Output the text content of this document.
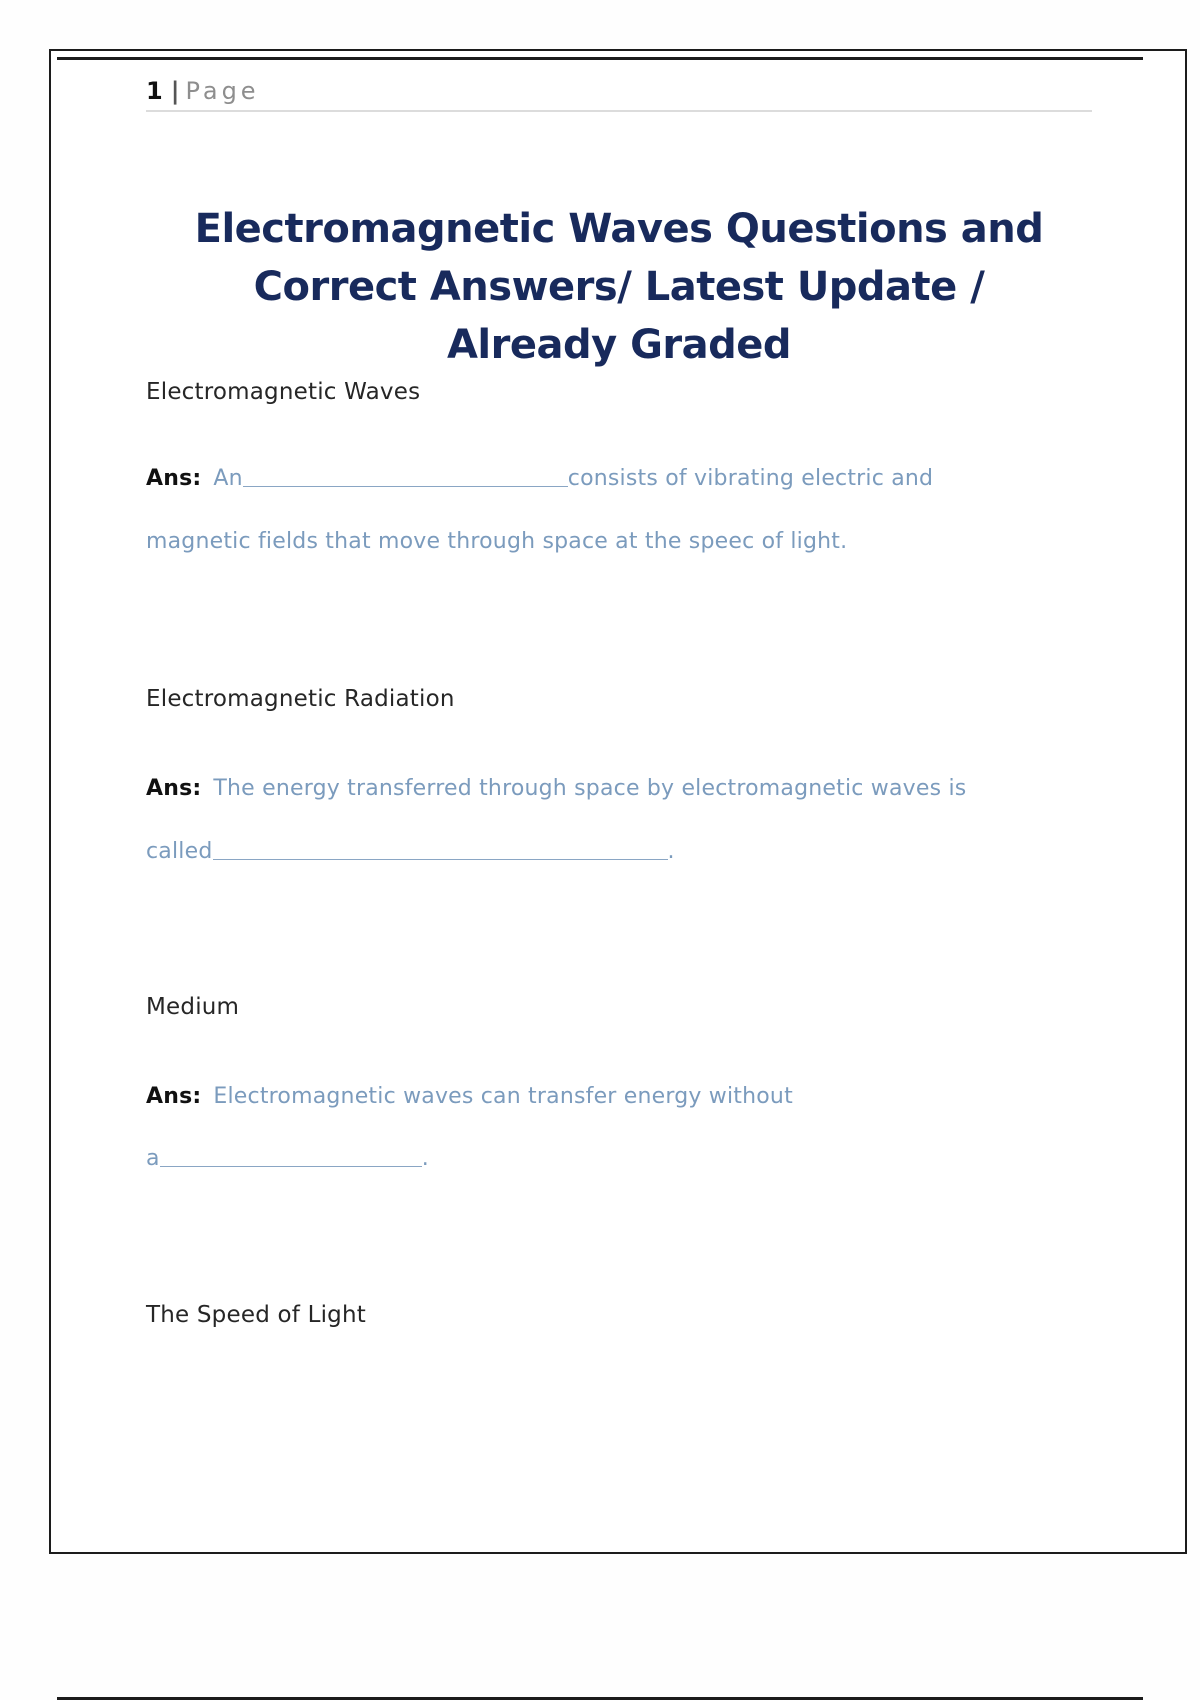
1 | Page
Electromagnetic Waves Questions and
Correct Answers/ Latest Update /
Already Graded
Electromagnetic Waves
Ans: An	consists of vibrating electric and
magnetic fields that move through space at the speec of light.
Electromagnetic Radiation
Ans: The energy transferred through space by electromagnetic waves is
called	.
Medium
Ans: Electromagnetic waves can transfer energy without
a	.
The Speed of Light
